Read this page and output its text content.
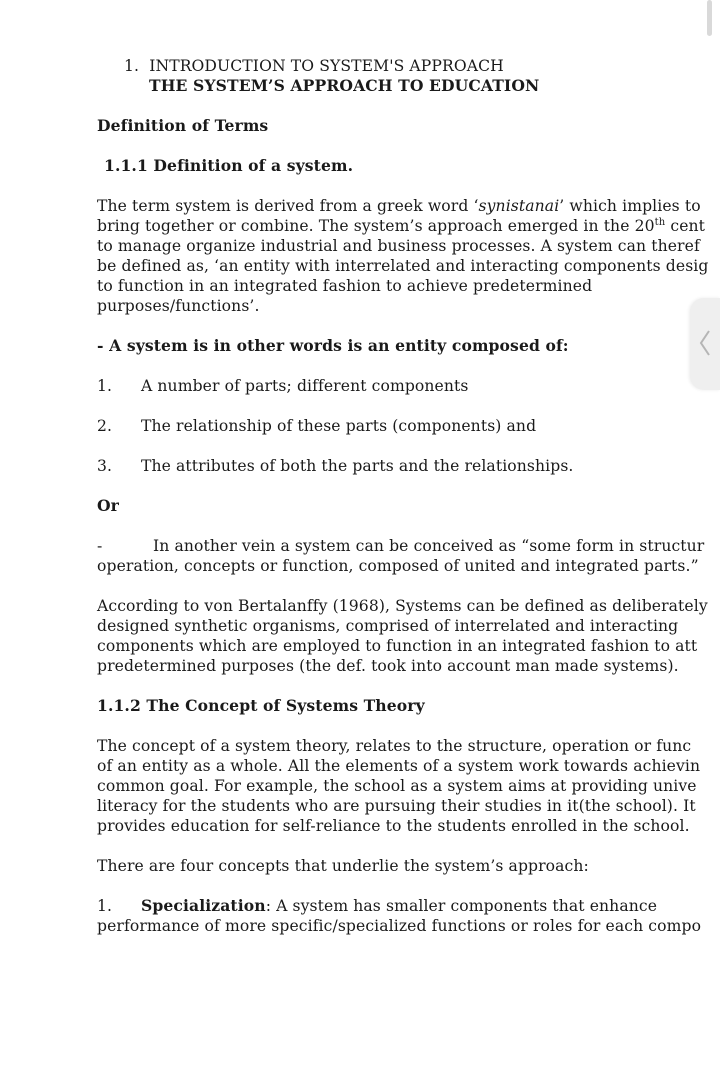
1. INTRODUCTION TO SYSTEM'S APPROACH
THE SYSTEM’S APPROACH TO EDUCATION
Definition of Terms
1.1.1 Definition of a system.
The term system is derived from a greek word ‘synistanai’ which implies to
bring together or combine. The system’s approach emerged in the 20th cent
to manage organize industrial and business processes. A system can theref
be defined as, ‘an entity with interrelated and interacting components desig
to function in an integrated fashion to achieve predetermined
purposes/functions’.
- A system is in other words is an entity composed of:
1. A number of parts; different components
2. The relationship of these parts (components) and
3. The attributes of both the parts and the relationships.
Or
-	In another vein a system can be conceived as “some form in structur
operation, concepts or function, composed of united and integrated parts.”
According to von Bertalanffy (1968), Systems can be defined as deliberately
designed synthetic organisms, comprised of interrelated and interacting
components which are employed to function in an integrated fashion to att
predetermined purposes (the def. took into account man made systems).
1.1.2 The Concept of Systems Theory
The concept of a system theory, relates to the structure, operation or func
of an entity as a whole. All the elements of a system work towards achievin
common goal. For example, the school as a system aims at providing unive
literacy for the students who are pursuing their studies in it(the school). It
provides education for self-reliance to the students enrolled in the school.
There are four concepts that underlie the system’s approach:
1. Specialization: A system has smaller components that enhance
performance of more specific/specialized functions or roles for each compo
